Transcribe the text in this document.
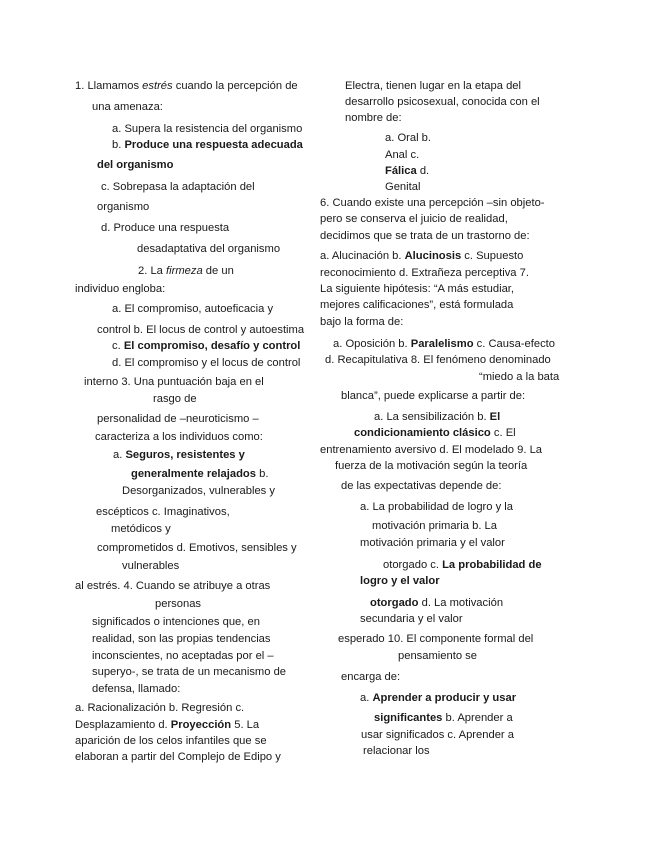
1. Llamamos estrés cuando la percepción de
una amenaza:
a. Supera la resistencia del organismo
b. Produce una respuesta adecuada
del organismo
c. Sobrepasa la adaptación del
organismo
d. Produce una respuesta
desadaptativa del organismo
2. La firmeza de un
individuo engloba:
a. El compromiso, autoeficacia y
control b. El locus de control y autoestima
c. El compromiso, desafío y control
d. El compromiso y el locus de control
interno 3. Una puntuación baja en el
rasgo de
personalidad de –neuroticismo –
caracteriza a los individuos como:
a. Seguros, resistentes y
generalmente relajados b.
Desorganizados, vulnerables y
escépticos c. Imaginativos,
metódicos y
comprometidos d. Emotivos, sensibles y
vulnerables
al estrés. 4. Cuando se atribuye a otras
personas
significados o intenciones que, en
realidad, son las propias tendencias
inconscientes, no aceptadas por el –
superyo-, se trata de un mecanismo de
defensa, llamado:
a. Racionalización b. Regresión c.
Desplazamiento d. Proyección 5. La
aparición de los celos infantiles que se
elaboran a partir del Complejo de Edipo y
Electra, tienen lugar en la etapa del
desarrollo psicosexual, conocida con el
nombre de:
a. Oral b.
Anal c.
Fálica d.
Genital
6. Cuando existe una percepción –sin objeto-
pero se conserva el juicio de realidad,
decidimos que se trata de un trastorno de:
a. Alucinación b. Alucinosis c. Supuesto
reconocimiento d. Extrañeza perceptiva 7.
La siguiente hipótesis: “A más estudiar,
mejores calificaciones”, está formulada
bajo la forma de:
a. Oposición b. Paralelismo c. Causa-efecto
d. Recapitulativa 8. El fenómeno denominado
“miedo a la bata
blanca”, puede explicarse a partir de:
a. La sensibilización b. El
condicionamiento clásico c. El
entrenamiento aversivo d. El modelado 9. La
fuerza de la motivación según la teoría
de las expectativas depende de:
a. La probabilidad de logro y la
motivación primaria b. La
motivación primaria y el valor
otorgado c. La probabilidad de
logro y el valor
otorgado d. La motivación
secundaria y el valor
esperado 10. El componente formal del
pensamiento se
encarga de:
a. Aprender a producir y usar
significantes b. Aprender a
usar significados c. Aprender a
relacionar los
